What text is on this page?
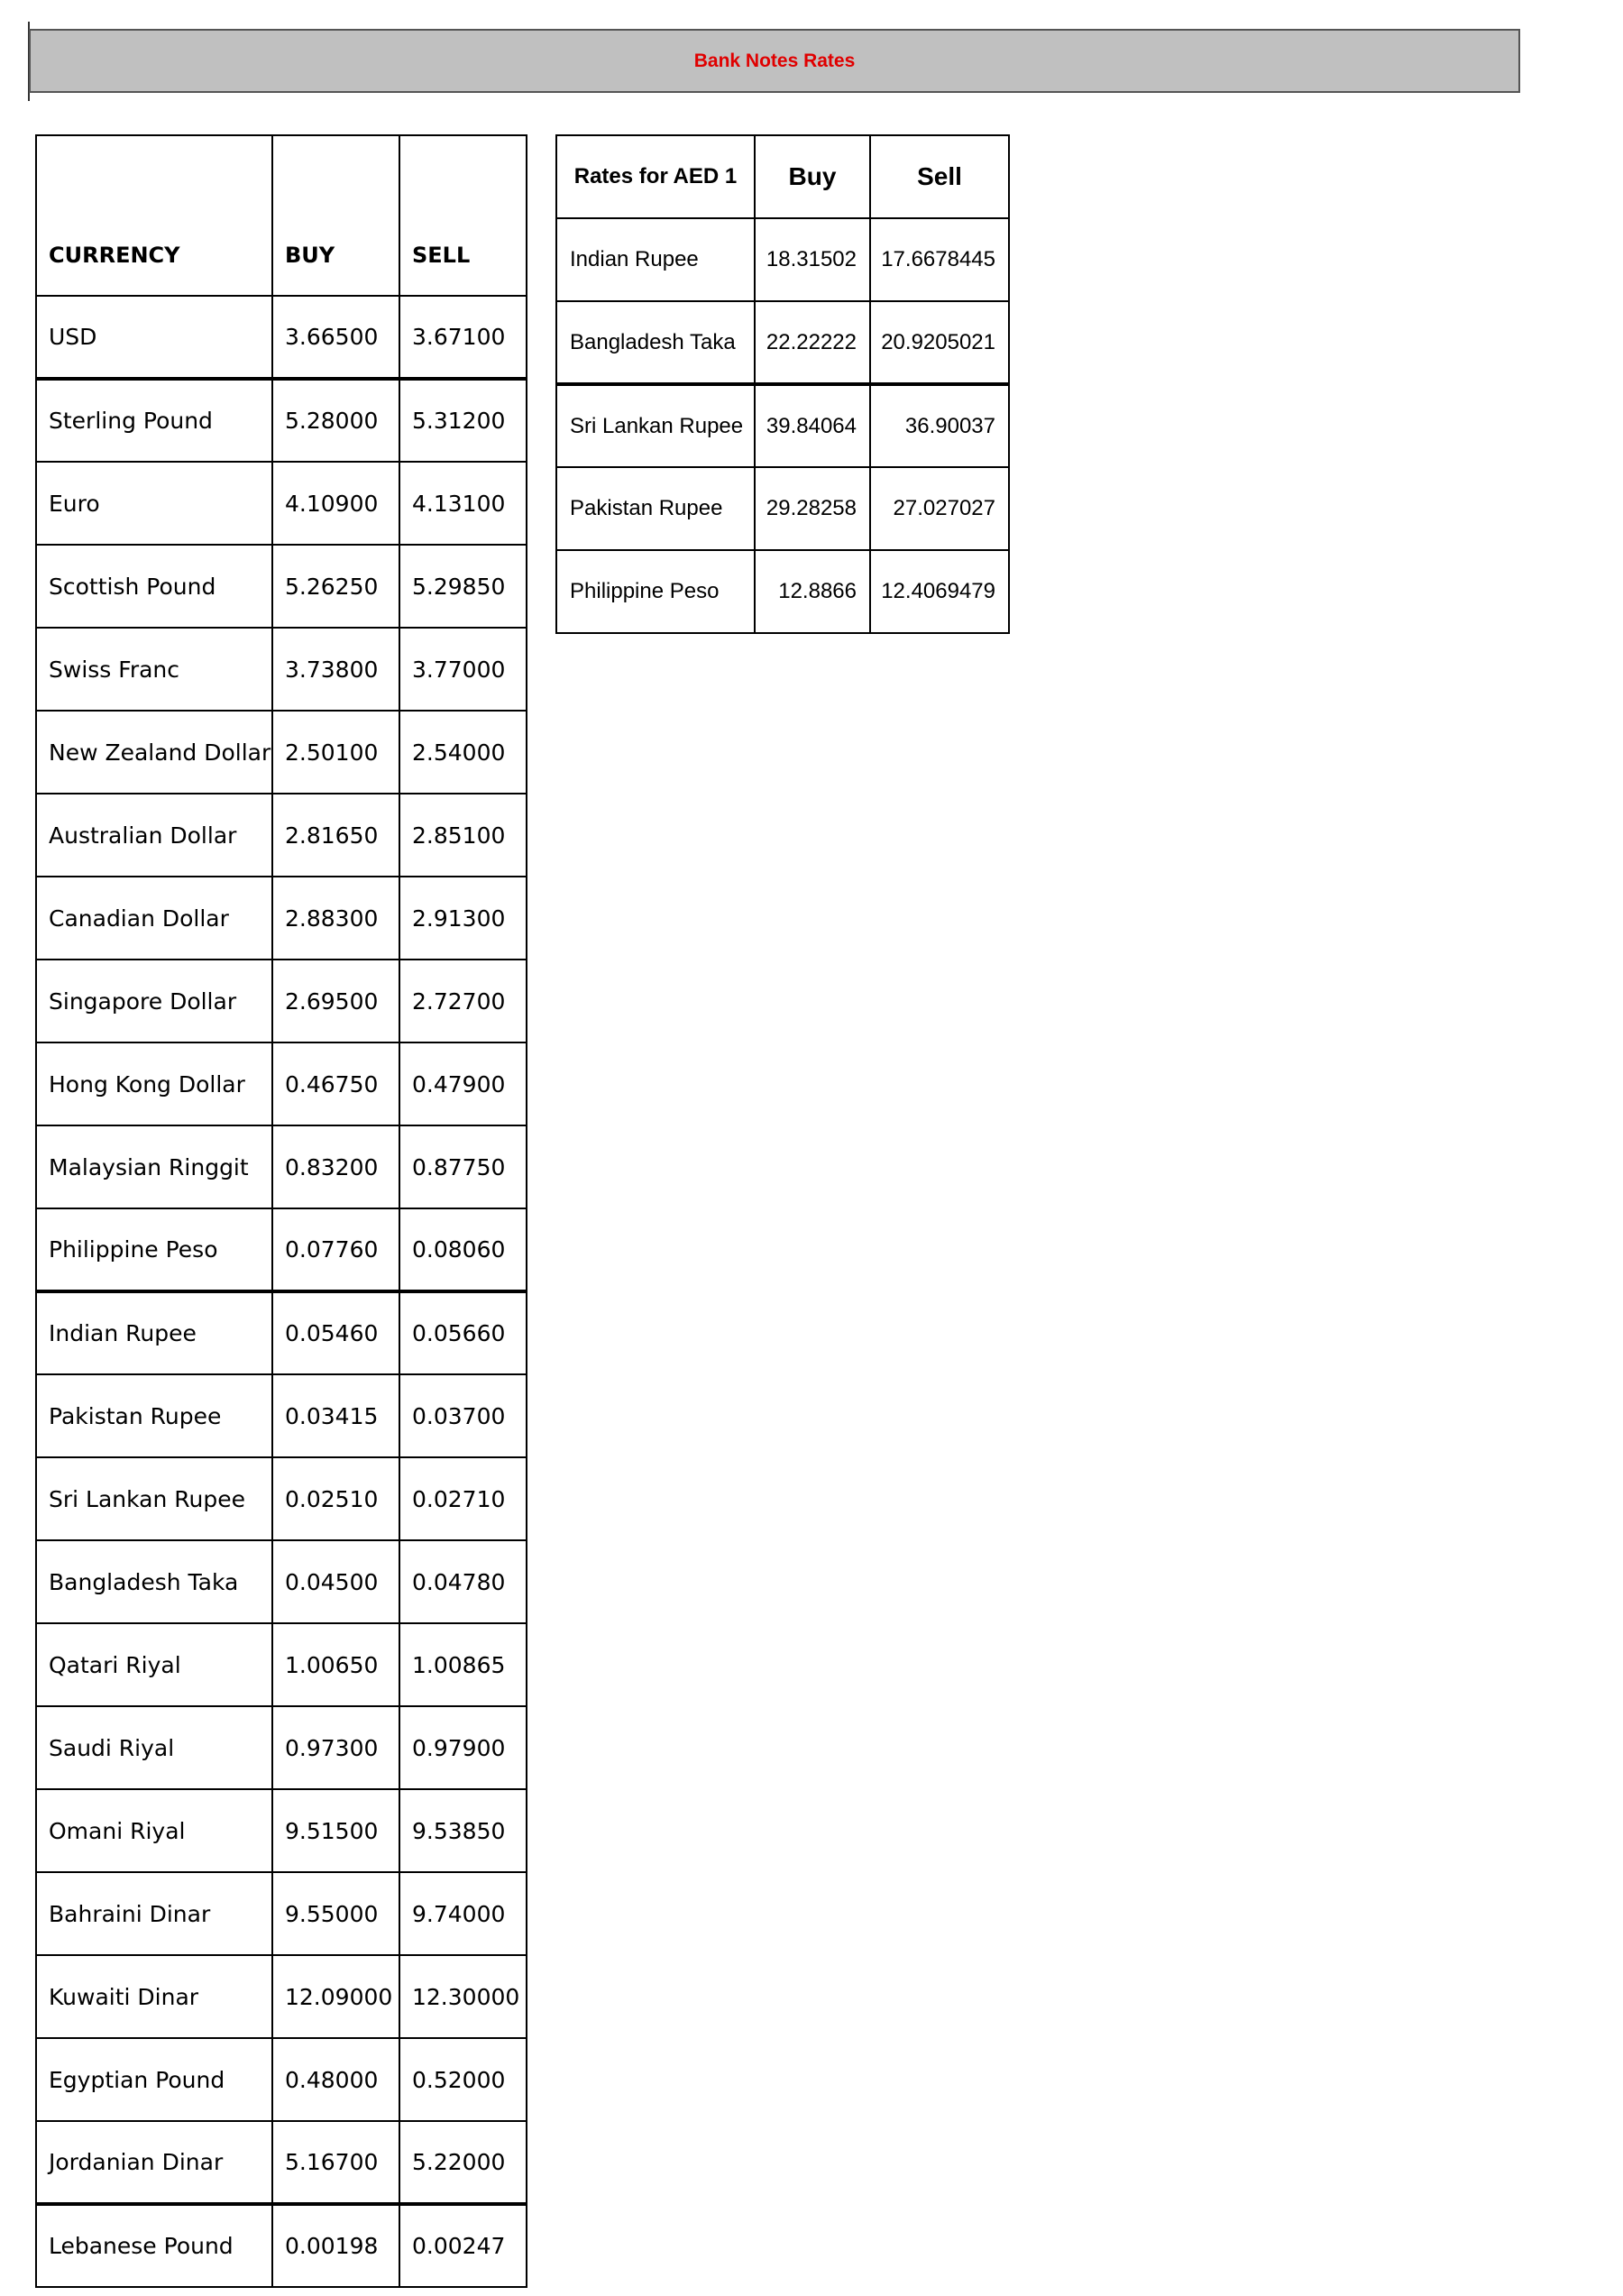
Bank Notes Rates
CURRENCY	BUY	SELL
USD	3.66500	3.67100
Sterling Pound	5.28000	5.31200
Euro	4.10900	4.13100
Scottish Pound	5.26250	5.29850
Swiss Franc	3.73800	3.77000
New Zealand Dollar	2.50100	2.54000
Australian Dollar	2.81650	2.85100
Canadian Dollar	2.88300	2.91300
Singapore Dollar	2.69500	2.72700
Hong Kong Dollar	0.46750	0.47900
Malaysian Ringgit	0.83200	0.87750
Philippine Peso	0.07760	0.08060
Indian Rupee	0.05460	0.05660
Pakistan Rupee	0.03415	0.03700
Sri Lankan Rupee	0.02510	0.02710
Bangladesh Taka	0.04500	0.04780
Qatari Riyal	1.00650	1.00865
Saudi Riyal	0.97300	0.97900
Omani Riyal	9.51500	9.53850
Bahraini Dinar	9.55000	9.74000
Kuwaiti Dinar	12.09000	12.30000
Egyptian Pound	0.48000	0.52000
Jordanian Dinar	5.16700	5.22000
Lebanese Pound	0.00198	0.00247
Rates for AED 1	Buy	Sell
Indian Rupee	18.31502	17.6678445
Bangladesh Taka	22.22222	20.9205021
Sri Lankan Rupee	39.84064	36.90037
Pakistan Rupee	29.28258	27.027027
Philippine Peso	12.8866	12.4069479
